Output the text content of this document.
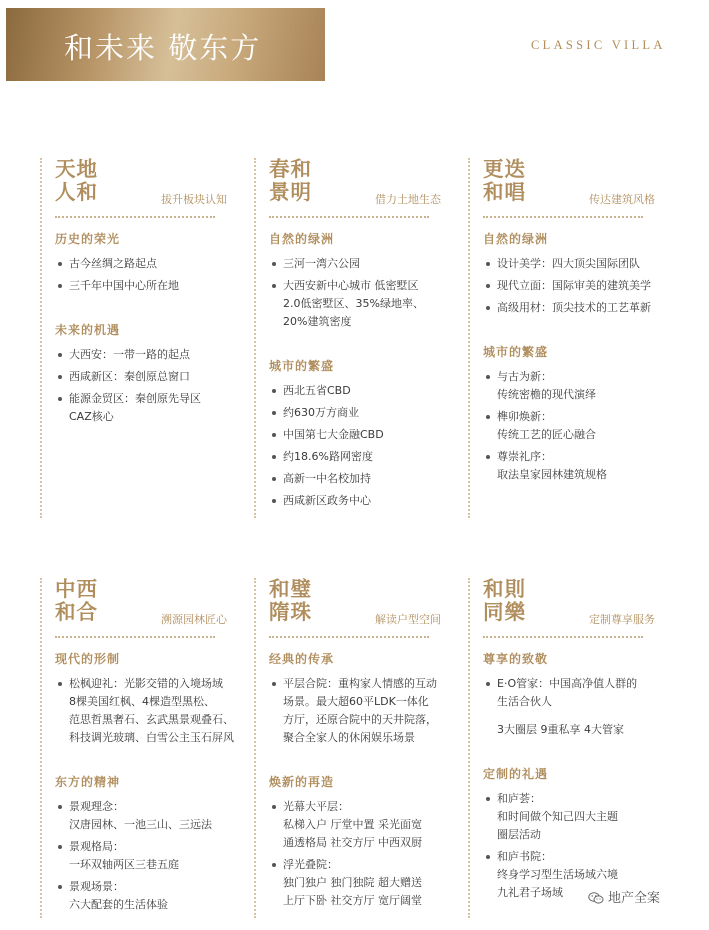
和未来 敬东方	CLASSIC VILLA
天地
人和	拔升板块认知
历史的荣光
古今丝绸之路起点
三千年中国中心所在地
未来的机遇
大西安：一带一路的起点
西咸新区：秦创原总窗口
能源金贸区：秦创原先导区
CAZ核心
春和
景明	借力土地生态
自然的绿洲
三河一湾六公园
大西安新中心城市 低密墅区
2.0低密墅区、35%绿地率、
20%建筑密度
城市的繁盛
西北五省CBD
约630万方商业
中国第七大金融CBD
约18.6%路网密度
高新一中名校加持
西咸新区政务中心
更迭
和唱	传达建筑风格
自然的绿洲
设计美学：四大顶尖国际团队
现代立面：国际审美的建筑美学
高级用材：顶尖技术的工艺革新
城市的繁盛
与古为新：
传统密檐的现代演绎
榫卯焕新：
传统工艺的匠心融合
尊崇礼序：
取法皇家园林建筑规格
中西
和合	溯源园林匠心
现代的形制
松枫迎礼：光影交错的入境场域
8棵美国红枫、4棵造型黑松、
范思哲黑奢石、玄武黑景观叠石、
科技调光玻璃、白雪公主玉石屏风
东方的精神
景观理念：
汉唐园林、一池三山、三远法
景观格局：
一环双轴两区三巷五庭
景观场景：
六大配套的生活体验
和璧
隋珠	解读户型空间
经典的传承
平层合院：重构家人情感的互动
场景。最大超60平LDK一体化
方厅，还原合院中的天井院落，
聚合全家人的休闲娱乐场景
焕新的再造
光幕大平层：
私梯入户 厅堂中置 采光面宽
通透格局 社交方厅 中西双厨
浮光叠院：
独门独户 独门独院 超大赠送
上厅下卧 社交方厅 宽厅阔堂
和則
同樂	定制尊享服务
尊享的致敬
E·O管家：中国高净值人群的
生活合伙人
3大圈层 9重私享 4大管家
定制的礼遇
和庐荟：
和时间做个知己四大主题
圈层活动
和庐书院：
终身学习型生活场域六境
九礼君子场域	地产全案
